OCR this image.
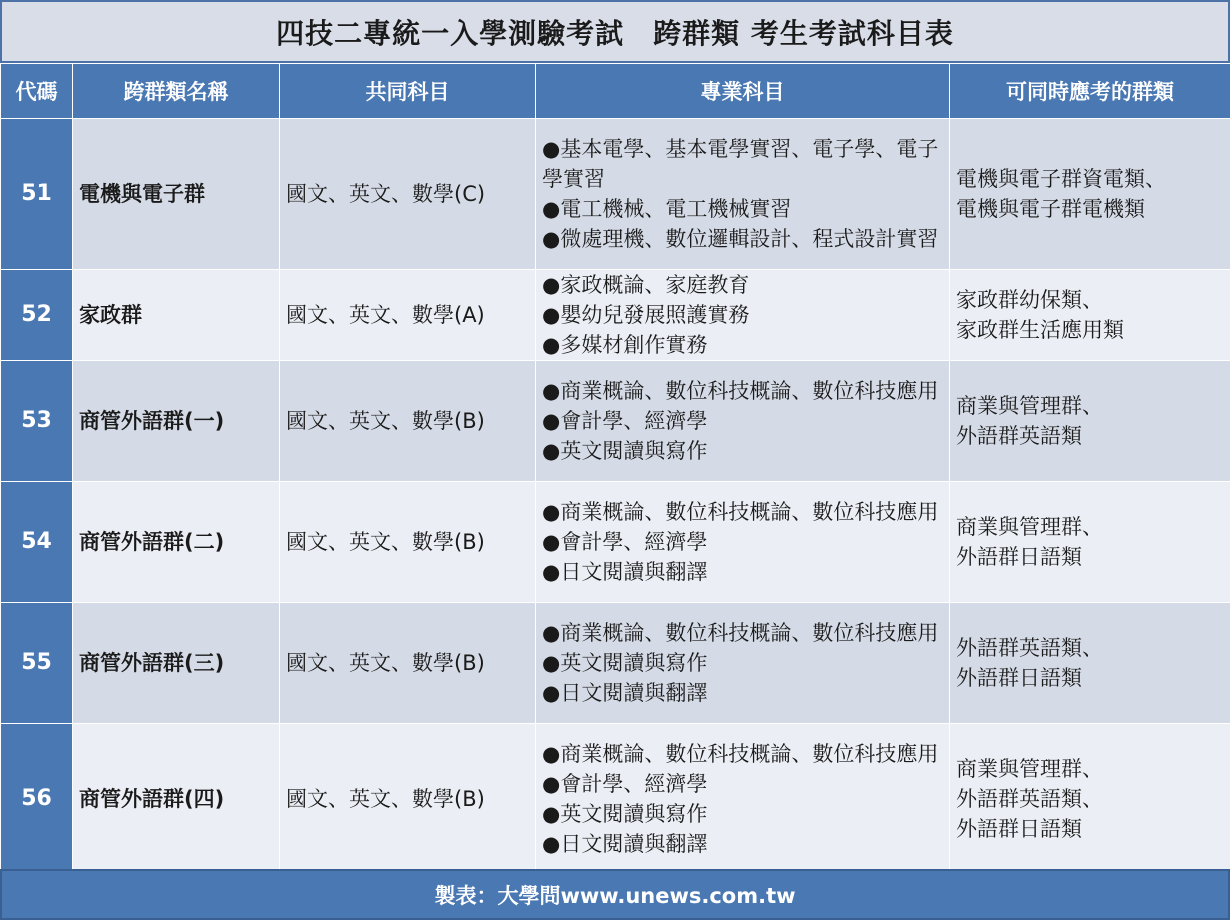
四技二專統一入學測驗考試　跨群類 考生考試科目表
代碼	跨群類名稱	共同科目	專業科目	可同時應考的群類
51	電機與電子群	國文、英文、數學(C)	●基本電學、基本電學實習、電子學、電子學實習
●電工機械、電工機械實習
●微處理機、數位邏輯設計、程式設計實習	電機與電子群資電類、
電機與電子群電機類

52	家政群	國文、英文、數學(A)	●家政概論、家庭教育
●嬰幼兒發展照護實務
●多媒材創作實務	家政群幼保類、
家政群生活應用類

53	商管外語群(一)	國文、英文、數學(B)	●商業概論、數位科技概論、數位科技應用
●會計學、經濟學
●英文閱讀與寫作	商業與管理群、
外語群英語類

54	商管外語群(二)	國文、英文、數學(B)	●商業概論、數位科技概論、數位科技應用
●會計學、經濟學
●日文閱讀與翻譯	商業與管理群、
外語群日語類

55	商管外語群(三)	國文、英文、數學(B)	●商業概論、數位科技概論、數位科技應用
●英文閱讀與寫作
●日文閱讀與翻譯	外語群英語類、
外語群日語類

56	商管外語群(四)	國文、英文、數學(B)	●商業概論、數位科技概論、數位科技應用
●會計學、經濟學
●英文閱讀與寫作
●日文閱讀與翻譯	商業與管理群、
外語群英語類、
外語群日語類
製表：大學問www.unews.com.tw
